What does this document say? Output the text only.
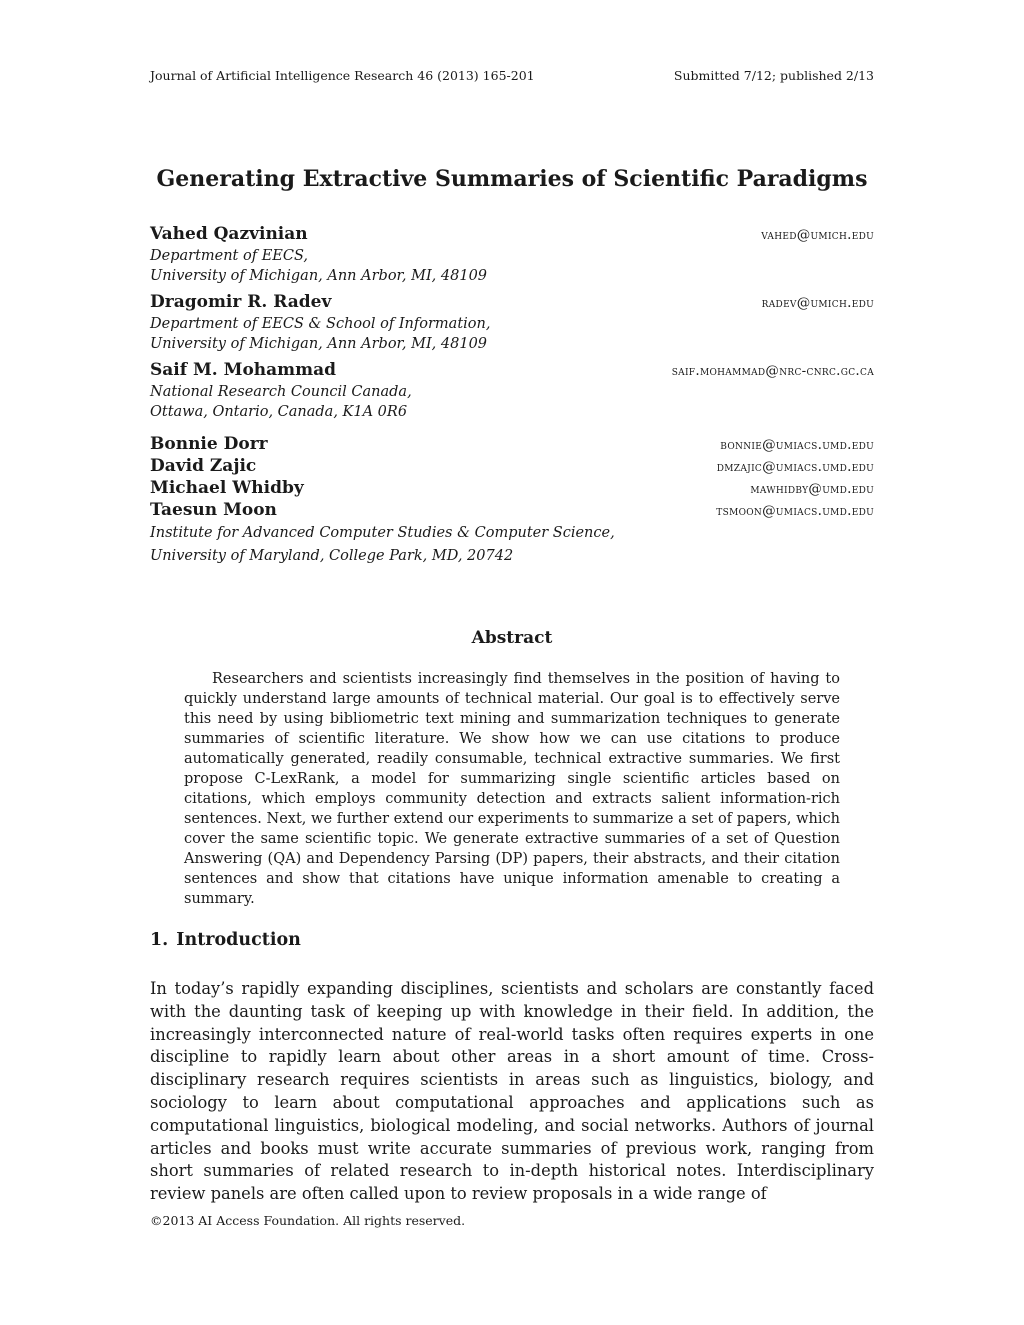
Journal of Artificial Intelligence Research 46 (2013) 165-201	Submitted 7/12; published 2/13
Generating Extractive Summaries of Scientific Paradigms
Vahed Qazvinian	vahed@umich.edu
Department of EECS,
University of Michigan, Ann Arbor, MI, 48109
Dragomir R. Radev	radev@umich.edu
Department of EECS & School of Information,
University of Michigan, Ann Arbor, MI, 48109
Saif M. Mohammad	saif.mohammad@nrc-cnrc.gc.ca
National Research Council Canada,
Ottawa, Ontario, Canada, K1A 0R6
Bonnie Dorr	bonnie@umiacs.umd.edu
David Zajic	dmzajic@umiacs.umd.edu
Michael Whidby	mawhidby@umd.edu
Taesun Moon	tsmoon@umiacs.umd.edu
Institute for Advanced Computer Studies & Computer Science,
University of Maryland, College Park, MD, 20742
Abstract

Researchers and scientists increasingly find themselves in the position of having to quickly understand large amounts of technical material. Our goal is to effectively serve this need by using bibliometric text mining and summarization techniques to generate summaries of scientific literature. We show how we can use citations to produce automatically generated, readily consumable, technical extractive summaries. We first propose C-LexRank, a model for summarizing single scientific articles based on citations, which employs community detection and extracts salient information-rich sentences. Next, we further extend our experiments to summarize a set of papers, which cover the same scientific topic. We generate extractive summaries of a set of Question Answering (QA) and Dependency Parsing (DP) papers, their abstracts, and their citation sentences and show that citations have unique information amenable to creating a summary.

1. Introduction

In today’s rapidly expanding disciplines, scientists and scholars are constantly faced with the daunting task of keeping up with knowledge in their field. In addition, the increasingly interconnected nature of real-world tasks often requires experts in one discipline to rapidly learn about other areas in a short amount of time. Cross-disciplinary research requires scientists in areas such as linguistics, biology, and sociology to learn about computational approaches and applications such as computational linguistics, biological modeling, and social networks. Authors of journal articles and books must write accurate summaries of previous work, ranging from short summaries of related research to in-depth historical notes. Interdisciplinary review panels are often called upon to review proposals in a wide range of

©2013 AI Access Foundation. All rights reserved.
